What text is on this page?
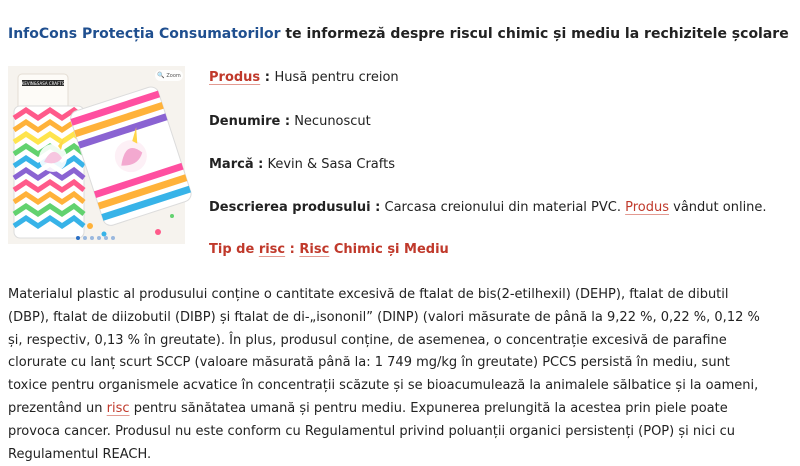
InfoCons Protecția Consumatorilor te informeză despre riscul chimic și mediu la rechizitele școlare
KEVIN&SASA CRAFTS
🔍 Zoom Produs : Husă pentru creion
Denumire : Necunoscut
Marcă : Kevin & Sasa Crafts
Descrierea produsului : Carcasa creionului din material PVC. Produs vândut online.
Tip de risc : Risc Chimic și Mediu
Materialul plastic al produsului conține o cantitate excesivă de ftalat de bis(2-etilhexil) (DEHP), ftalat de dibutil (DBP), ftalat de diizobutil (DIBP) și ftalat de di-„isononil” (DINP) (valori măsurate de până la 9,22 %, 0,22 %, 0,12 % și, respectiv, 0,13 % în greutate). În plus, produsul conține, de asemenea, o concentrație excesivă de parafine clorurate cu lanț scurt SCCP (valoare măsurată până la: 1 749 mg/kg în greutate) PCCS persistă în mediu, sunt toxice pentru organismele acvatice în concentrații scăzute și se bioacumulează la animalele sălbatice și la oameni, prezentând un risc pentru sănătatea umană și pentru mediu. Expunerea prelungită la acestea prin piele poate provoca cancer. Produsul nu este conform cu Regulamentul privind poluanții organici persistenți (POP) și nici cu Regulamentul REACH.
